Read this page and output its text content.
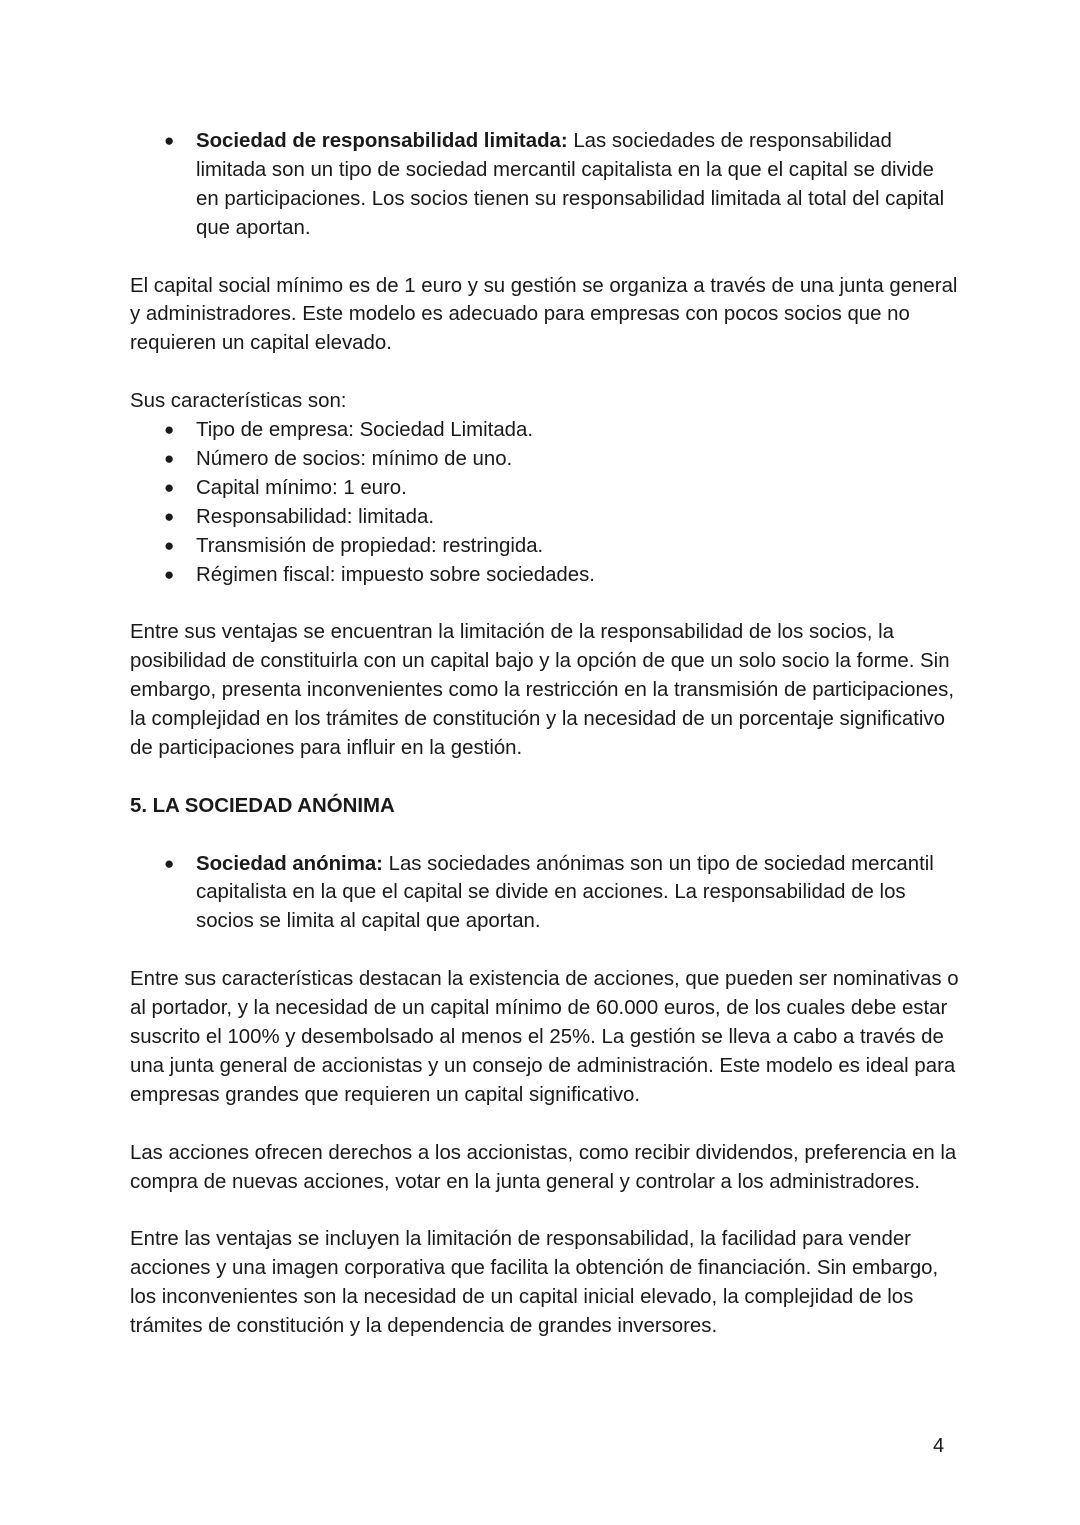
● Sociedad de responsabilidad limitada: Las sociedades de responsabilidad limitada son un tipo de sociedad mercantil capitalista en la que el capital se divide en participaciones. Los socios tienen su responsabilidad limitada al total del capital que aportan.

El capital social mínimo es de 1 euro y su gestión se organiza a través de una junta general y administradores. Este modelo es adecuado para empresas con pocos socios que no requieren un capital elevado.

Sus características son:

● Tipo de empresa: Sociedad Limitada.
● Número de socios: mínimo de uno.
● Capital mínimo: 1 euro.
● Responsabilidad: limitada.
● Transmisión de propiedad: restringida.
● Régimen fiscal: impuesto sobre sociedades.

Entre sus ventajas se encuentran la limitación de la responsabilidad de los socios, la posibilidad de constituirla con un capital bajo y la opción de que un solo socio la forme. Sin embargo, presenta inconvenientes como la restricción en la transmisión de participaciones, la complejidad en los trámites de constitución y la necesidad de un porcentaje significativo de participaciones para influir en la gestión.

5. LA SOCIEDAD ANÓNIMA
● Sociedad anónima: Las sociedades anónimas son un tipo de sociedad mercantil capitalista en la que el capital se divide en acciones. La responsabilidad de los socios se limita al capital que aportan.

Entre sus características destacan la existencia de acciones, que pueden ser nominativas o al portador, y la necesidad de un capital mínimo de 60.000 euros, de los cuales debe estar suscrito el 100% y desembolsado al menos el 25%. La gestión se lleva a cabo a través de una junta general de accionistas y un consejo de administración. Este modelo es ideal para empresas grandes que requieren un capital significativo.

Las acciones ofrecen derechos a los accionistas, como recibir dividendos, preferencia en la compra de nuevas acciones, votar en la junta general y controlar a los administradores.

Entre las ventajas se incluyen la limitación de responsabilidad, la facilidad para vender acciones y una imagen corporativa que facilita la obtención de financiación. Sin embargo, los inconvenientes son la necesidad de un capital inicial elevado, la complejidad de los trámites de constitución y la dependencia de grandes inversores.

4
